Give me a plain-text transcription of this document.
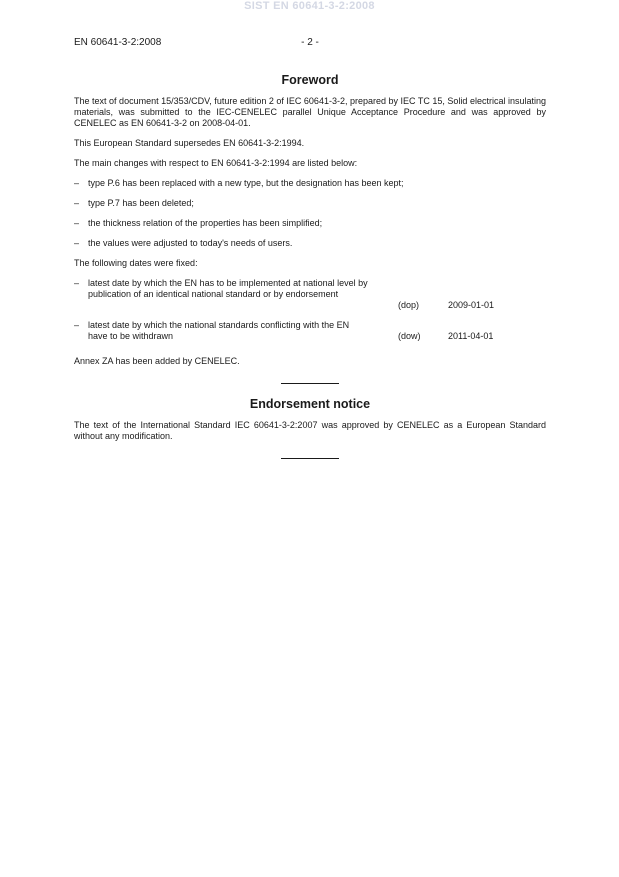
SIST EN 60641-3-2:2008
EN 60641-3-2:2008	- 2 -
Foreword

The text of document 15/353/CDV, future edition 2 of IEC 60641-3-2, prepared by IEC TC 15, Solid electrical insulating materials, was submitted to the IEC-CENELEC parallel Unique Acceptance Procedure and was approved by CENELEC as EN 60641-3-2 on 2008-04-01.

This European Standard supersedes EN 60641-3-2:1994.

The main changes with respect to EN 60641-3-2:1994 are listed below:

– type P.6 has been replaced with a new type, but the designation has been kept;
– type P.7 has been deleted;
– the thickness relation of the properties has been simplified;
– the values were adjusted to today's needs of users.

The following dates were fixed:

– latest date by which the EN has to be implemented at national level by publication of an identical national standard or by endorsement
(dop)	2009-01-01
– latest date by which the national standards conflicting with the EN have to be withdrawn	(dow)	2011-04-01

Annex ZA has been added by CENELEC.

Endorsement notice

The text of the International Standard IEC 60641-3-2:2007 was approved by CENELEC as a European Standard without any modification.
